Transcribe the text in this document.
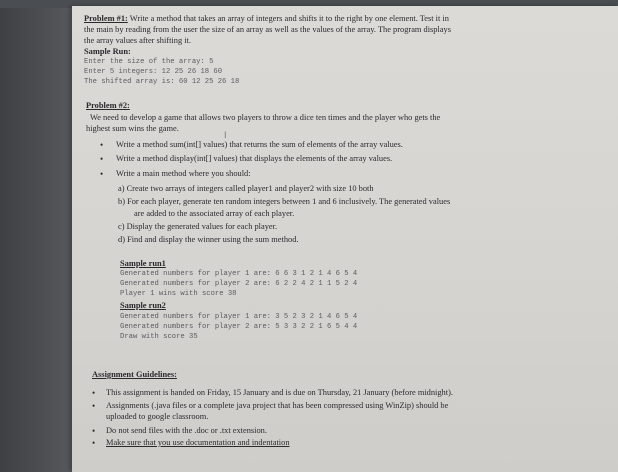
Problem #1: Write a method that takes an array of integers and shifts it to the right by one element. Test it in
the main by reading from the user the size of an array as well as the values of the array. The program displays
the array values after shifting it.
Sample Run:
Enter the size of the array: 5
Enter 5 integers: 12 25 26 18 60
The shifted array is: 60 12 25 26 18
Problem #2:
We need to develop a game that allows two players to throw a dice ten times and the player who gets the
highest sum wins the game.
I
• Write a method sum(int[] values) that returns the sum of elements of the array values.
• Write a method display(int[] values) that displays the elements of the array values.
• Write a main method where you should:
a) Create two arrays of integers called player1 and player2 with size 10 both
b) For each player, generate ten random integers between 1 and 6 inclusively. The generated values
are added to the associated array of each player.
c) Display the generated values for each player.
d) Find and display the winner using the sum method.
Sample run1
Generated numbers for player 1 are: 6 6 3 1 2 1 4 6 5 4
Generated numbers for player 2 are: 6 2 2 4 2 1 1 5 2 4
Player 1 wins with score 38
Sample run2
Generated numbers for player 1 are: 3 5 2 3 2 1 4 6 5 4
Generated numbers for player 2 are: 5 3 3 2 2 1 6 5 4 4
Draw with score 35
Assignment Guidelines:
• This assignment is handed on Friday, 15 January and is due on Thursday, 21 January (before midnight).
• Assignments (.java files or a complete java project that has been compressed using WinZip) should be
uploaded to google classroom.
• Do not send files with the .doc or .txt extension.
• Make sure that you use documentation and indentation
